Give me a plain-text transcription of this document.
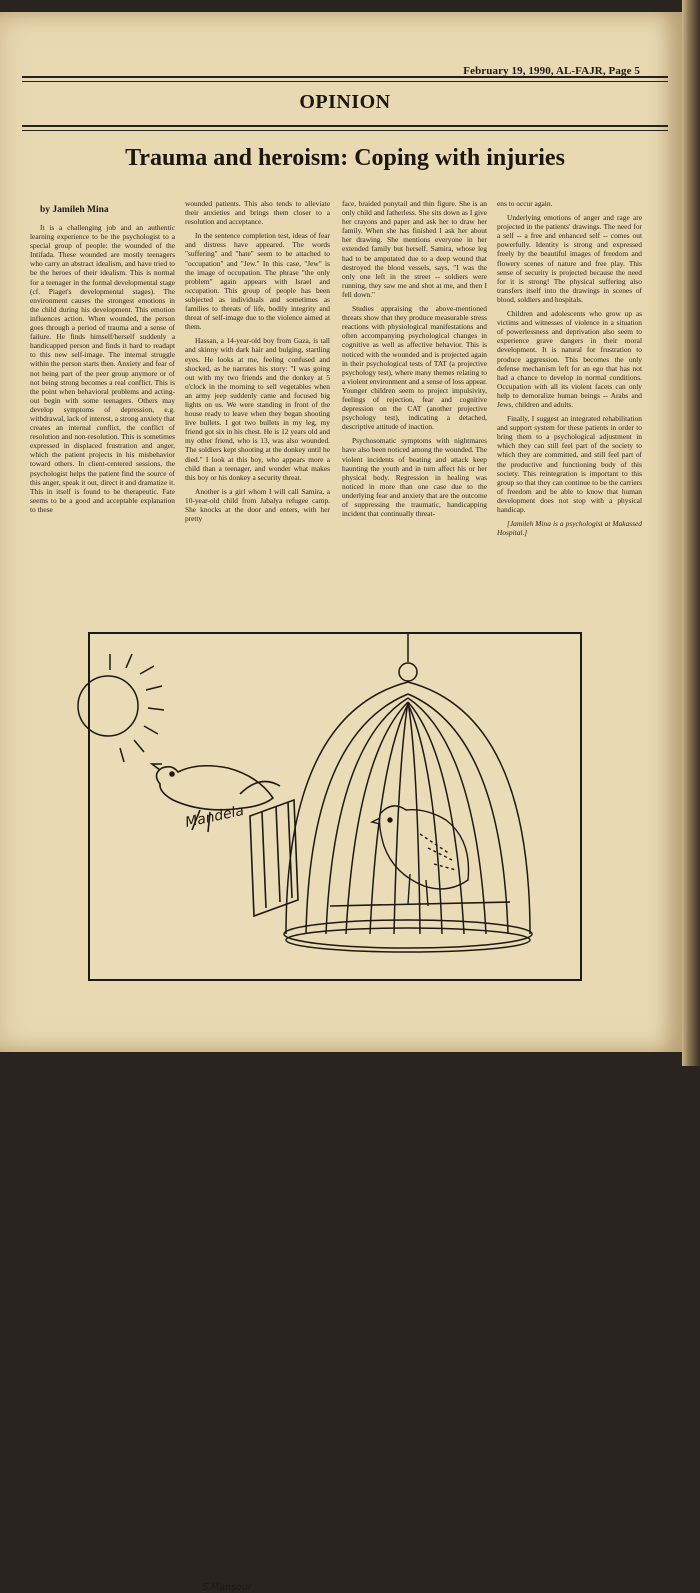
February 19, 1990, AL-FAJR, Page 5
OPINION
Trauma and heroism: Coping with injuries
by Jamileh Mina

It is a challenging job and an authentic learning experience to be the psychologist to a special group of people: the wounded of the Intifada. These wounded are mostly teenagers who carry an abstract idealism, and have tried to be the heroes of their idealism. This is normal for a teenager in the formal developmental stage (cf. Piaget's developmental stages). The environment causes the strongest emotions in the child during his development. This emotion influences action. When wounded, the person goes through a period of trauma and a sense of failure. He finds himself/herself suddenly a handicapped person and finds it hard to readapt to this new self-image. The internal struggle within the person starts then. Anxiety and fear of not being part of the peer group anymore or of not being strong becomes a real conflict. This is the point when behavioral problems and acting-out begin with some teenagers. Others may develop symptoms of depression, e.g. withdrawal, lack of interest, a strong anxiety that creates an internal conflict, the conflict of resolution and non-resolution. This is sometimes expressed in displaced frustration and anger, which the patient projects in his misbehavior toward others. In client-centered sessions, the psychologist helps the patient find the source of this anger, speak it out, direct it and dramatize it. This in itself is found to be therapeutic. Fate seems to be a good and acceptable explanation to these

wounded patients. This also tends to alleviate their anxieties and brings them closer to a resolution and acceptance.

In the sentence completion test, ideas of fear and distress have appeared. The words "suffering" and "hate" seem to be attached to "occupation" and "Jew." In this case, "Jew" is the image of occupation. The phrase "the only problem" again appears with Israel and occupation. This group of people has been subjected as individuals and sometimes as families to threats of life, bodily integrity and threat of self-image due to the violence aimed at them.

Hassan, a 14-year-old boy from Gaza, is tall and skinny with dark hair and bulging, startling eyes. He looks at me, feeling confused and shocked, as he narrates his story: "I was going out with my two friends and the donkey at 5 o'clock in the morning to sell vegetables when an army jeep suddenly came and focused big lights on us. We were standing in front of the house ready to leave when they began shooting live bullets. I got two bullets in my leg, my friend got six in his chest. He is 12 years old and my other friend, who is 13, was also wounded. The soldiers kept shooting at the donkey until he died." I look at this boy, who appears more a child than a teenager, and wonder what makes this boy or his donkey a security threat.

Another is a girl whom I will call Samira, a 10-year-old child from Jabalya refugee camp. She knocks at the door and enters, with her pretty

face, braided ponytail and thin figure. She is an only child and fatherless. She sits down as I give her crayons and paper and ask her to draw her family. When she has finished I ask her about her drawing. She mentions everyone in her extended family but herself. Samira, whose leg had to be amputated due to a deep wound that destroyed the blood vessels, says, "I was the only one left in the street -- soldiers were running, they saw me and shot at me, and then I fell down."

Studies appraising the above-mentioned threats show that they produce measurable stress reactions with physiological manifestations and often accompanying psychological changes in cognitive as well as affective behavior. This is noticed with the wounded and is projected again in their psychological tests of TAT (a projective psychology test), where many themes relating to a violent environment and a sense of loss appear. Younger children seem to project impulsivity, feelings of rejection, fear and cognitive depression on the CAT (another projective psychology test), indicating a detached, descriptive attitude of inaction.

Psychosomatic symptoms with nightmares have also been noticed among the wounded. The violent incidents of beating and attack keep haunting the youth and in turn affect his or her physical body. Regression in healing was noticed in more than one case due to the underlying fear and anxiety that are the outcome of suppressing the traumatic, handicapping incident that continually threat-

ens to occur again.

Underlying emotions of anger and rage are projected in the patients' drawings. The need for a self -- a free and enhanced self -- comes out powerfully. Identity is strong and expressed freely by the beautiful images of freedom and flowery scenes of nature and free play. This sense of security is projected because the need for it is strong! The physical suffering also transfers itself into the drawings in scenes of blood, soldiers and hospitals.

Children and adolescents who grow up as victims and witnesses of violence in a situation of powerlessness and deprivation also seem to experience grave dangers in their moral development. It is natural for frustration to produce aggression. This becomes the only defense mechanism left for an ego that has not had a chance to develop in normal conditions. Occupation with all its violent facets can only help to demoralize human beings -- Arabs and Jews, children and adults.

Finally, I suggest an integrated rehabilitation and support system for these patients in order to bring them to a psychological adjustment in which they can still feel part of the society to which they are committed, and still feel part of the productive and functioning body of this society. This reintegration is important to this group so that they can continue to be the carriers of freedom and be able to know that human development does not stop with a physical handicap.

[Jamileh Mina is a psychologist at Makassed Hospital.]

Mandela
S.Mansour
